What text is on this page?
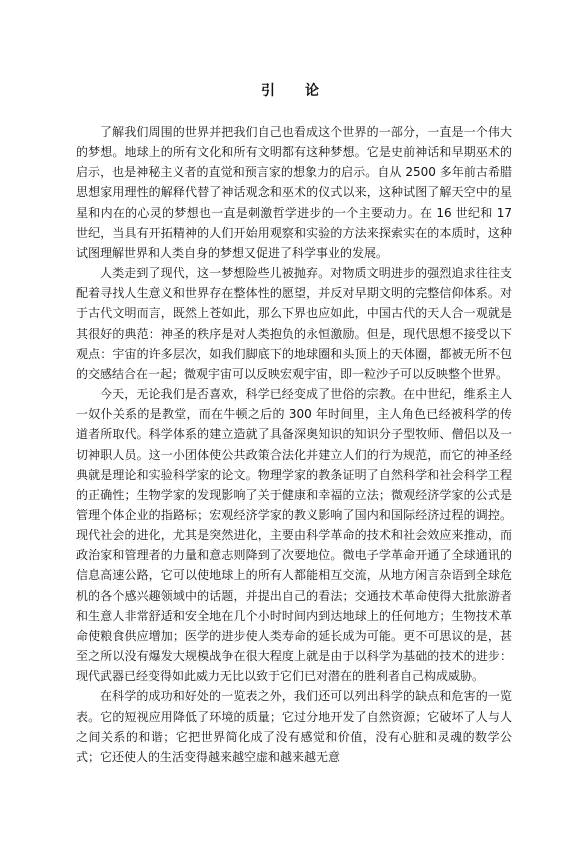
引　论

了解我们周围的世界并把我们自己也看成这个世界的一部分，一直是一个伟大的梦想。地球上的所有文化和所有文明都有这种梦想。它是史前神话和早期巫术的启示，也是神秘主义者的直觉和预言家的想象力的启示。自从 2500 多年前古希腊思想家用理性的解释代替了神话观念和巫术的仪式以来，这种试图了解天空中的星星和内在的心灵的梦想也一直是刺激哲学进步的一个主要动力。在 16 世纪和 17 世纪，当具有开拓精神的人们开始用观察和实验的方法来探索实在的本质时，这种试图理解世界和人类自身的梦想又促进了科学事业的发展。

人类走到了现代，这一梦想险些儿被抛弃。对物质文明进步的强烈追求往往支配着寻找人生意义和世界存在整体性的愿望，并反对早期文明的完整信仰体系。对于古代文明而言，既然上苍如此，那么下界也应如此，中国古代的天人合一观就是其很好的典范：神圣的秩序是对人类抱负的永恒激励。但是，现代思想不接受以下观点：宇宙的许多层次，如我们脚底下的地球圈和头顶上的天体圈，都被无所不包的交感结合在一起；微观宇宙可以反映宏观宇宙，即一粒沙子可以反映整个世界。

今天，无论我们是否喜欢，科学已经变成了世俗的宗教。在中世纪，维系主人一奴仆关系的是教堂，而在牛顿之后的 300 年时间里，主人角色已经被科学的传道者所取代。科学体系的建立造就了具备深奥知识的知识分子型牧师、僧侣以及一切神职人员。这一小团体使公共政策合法化并建立人们的行为规范，而它的神圣经典就是理论和实验科学家的论文。物理学家的教条证明了自然科学和社会科学工程的正确性；生物学家的发现影响了关于健康和幸福的立法；微观经济学家的公式是管理个体企业的指路标；宏观经济学家的教义影响了国内和国际经济过程的调控。现代社会的进化，尤其是突然进化，主要由科学革命的技术和社会效应来推动，而政治家和管理者的力量和意志则降到了次要地位。微电子学革命开通了全球通讯的信息高速公路，它可以使地球上的所有人都能相互交流，从地方闲言杂语到全球危机的各个感兴趣领域中的话题，并提出自己的看法；交通技术革命使得大批旅游者和生意人非常舒适和安全地在几个小时时间内到达地球上的任何地方；生物技术革命使粮食供应增加；医学的进步使人类寿命的延长成为可能。更不可思议的是，甚至之所以没有爆发大规模战争在很大程度上就是由于以科学为基础的技术的进步：现代武器已经变得如此威力无比以致于它们已对潜在的胜利者自己构成威胁。

在科学的成功和好处的一览表之外，我们还可以列出科学的缺点和危害的一览表。它的短视应用降低了环境的质量；它过分地开发了自然资源；它破坏了人与人之间关系的和谐；它把世界简化成了没有感觉和价值，没有心脏和灵魂的数学公式；它还使人的生活变得越来越空虚和越来越无意
